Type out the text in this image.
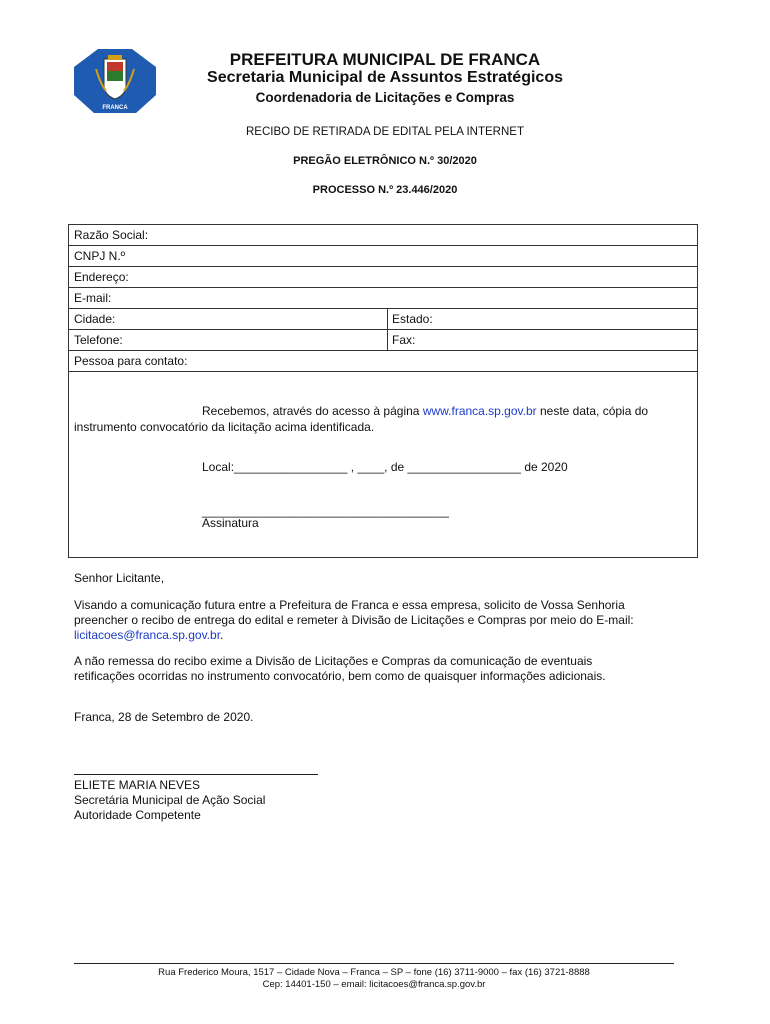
FRANCA
PREFEITURA MUNICIPAL DE FRANCA
Secretaria Municipal de Assuntos Estratégicos
Coordenadoria de Licitações e Compras
RECIBO DE RETIRADA DE EDITAL PELA INTERNET
PREGÃO ELETRÔNICO N.º 30/2020
PROCESSO N.º 23.446/2020
Razão Social:
CNPJ N.º
Endereço:
E-mail:
Cidade:	Estado:
Telefone:	Fax:
Pessoa para contato:
Recebemos, através do acesso à página www.franca.sp.gov.br neste data, cópia do
instrumento convocatório da licitação acima identificada.
Local:_________________ , ____, de _________________ de 2020
_____________________________________
Assinatura
Senhor Licitante,
Visando a comunicação futura entre a Prefeitura de Franca e essa empresa, solicito de Vossa Senhoria
preencher o recibo de entrega do edital e remeter à Divisão de Licitações e Compras por meio do E-mail:
licitacoes@franca.sp.gov.br.
A não remessa do recibo exime a Divisão de Licitações e Compras da comunicação de eventuais
retificações ocorridas no instrumento convocatório, bem como de quaisquer informações adicionais.
Franca, 28 de Setembro de 2020.
ELIETE MARIA NEVES
Secretária Municipal de Ação Social
Autoridade Competente
Rua Frederico Moura, 1517 – Cidade Nova – Franca – SP – fone (16) 3711-9000 – fax (16) 3721-8888
Cep: 14401-150 – email: licitacoes@franca.sp.gov.br
